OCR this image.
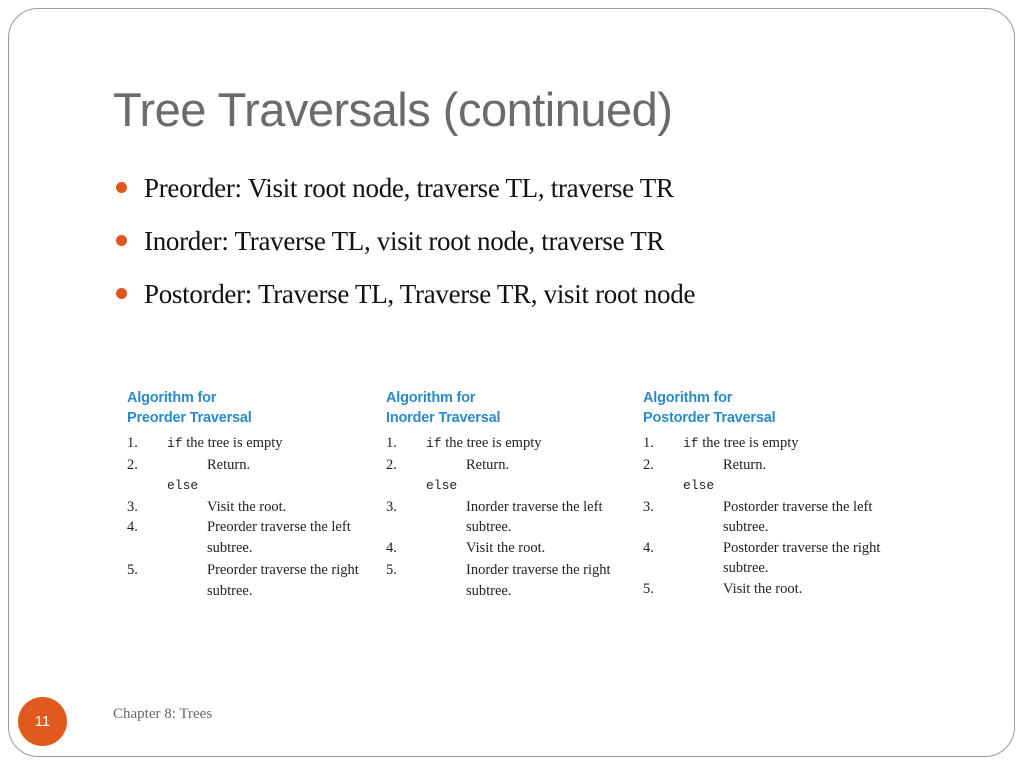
Tree Traversals (continued)
Preorder: Visit root node, traverse TL, traverse TR
Inorder: Traverse TL, visit root node, traverse TR
Postorder: Traverse TL, Traverse TR, visit root node
Algorithm for
Preorder Traversal
1. if the tree is empty
2.	Return.
else
3.	Visit the root.
4.	Preorder traverse the left subtree.
5.	Preorder traverse the right subtree.
Algorithm for
Inorder Traversal
1. if the tree is empty
2.	Return.
else
3.	Inorder traverse the left subtree.
4.	Visit the root.
5.	Inorder traverse the right subtree.
Algorithm for
Postorder Traversal
1. if the tree is empty
2.	Return.
else
3.	Postorder traverse the left subtree.
4.	Postorder traverse the right subtree.
5.	Visit the root.
11	Chapter 8: Trees
